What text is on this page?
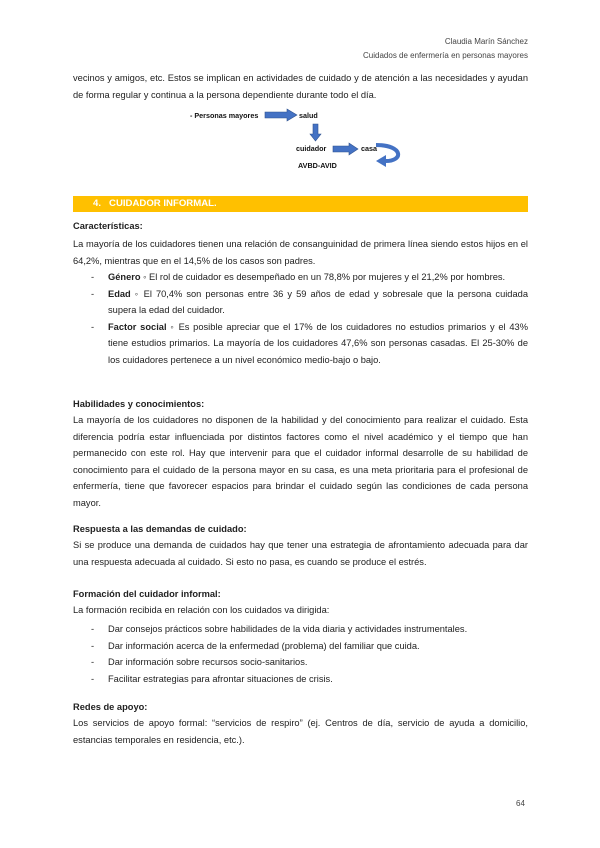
Claudia Marín Sánchez
Cuidados de enfermería en personas mayores

vecinos y amigos, etc. Estos se implican en actividades de cuidado y de atención a las necesidades y ayudan de forma regular y continua a la persona dependiente durante todo el día.

- Personas mayores	salud
cuidador	casa
AVBD-AVID
4. CUIDADOR INFORMAL.

Características:

La mayoría de los cuidadores tienen una relación de consanguinidad de primera línea siendo estos hijos en el 64,2%, mientras que en el 14,5% de los casos son padres.

- Género ◦ El rol de cuidador es desempeñado en un 78,8% por mujeres y el 21,2% por hombres.
- Edad ◦ El 70,4% son personas entre 36 y 59 años de edad y sobresale que la persona cuidada supera la edad del cuidador.
- Factor social ◦ Es posible apreciar que el 17% de los cuidadores no estudios primarios y el 43% tiene estudios primarios. La mayoría de los cuidadores 47,6% son personas casadas. El 25-30% de los cuidadores pertenece a un nivel económico medio-bajo o bajo.

Habilidades y conocimientos:

La mayoría de los cuidadores no disponen de la habilidad y del conocimiento para realizar el cuidado. Esta diferencia podría estar influenciada por distintos factores como el nivel académico y el tiempo que han permanecido con este rol. Hay que intervenir para que el cuidador informal desarrolle de su habilidad de conocimiento para el cuidado de la persona mayor en su casa, es una meta prioritaria para el profesional de enfermería, tiene que favorecer espacios para brindar el cuidado según las condiciones de cada persona mayor.

Respuesta a las demandas de cuidado:

Si se produce una demanda de cuidados hay que tener una estrategia de afrontamiento adecuada para dar una respuesta adecuada al cuidado. Si esto no pasa, es cuando se produce el estrés.

Formación del cuidador informal:

La formación recibida en relación con los cuidados va dirigida:

- Dar consejos prácticos sobre habilidades de la vida diaria y actividades instrumentales.
- Dar información acerca de la enfermedad (problema) del familiar que cuida.
- Dar información sobre recursos socio-sanitarios.
- Facilitar estrategias para afrontar situaciones de crisis.

Redes de apoyo:

Los servicios de apoyo formal: “servicios de respiro” (ej. Centros de día, servicio de ayuda a domicilio, estancias temporales en residencia, etc.).

64
